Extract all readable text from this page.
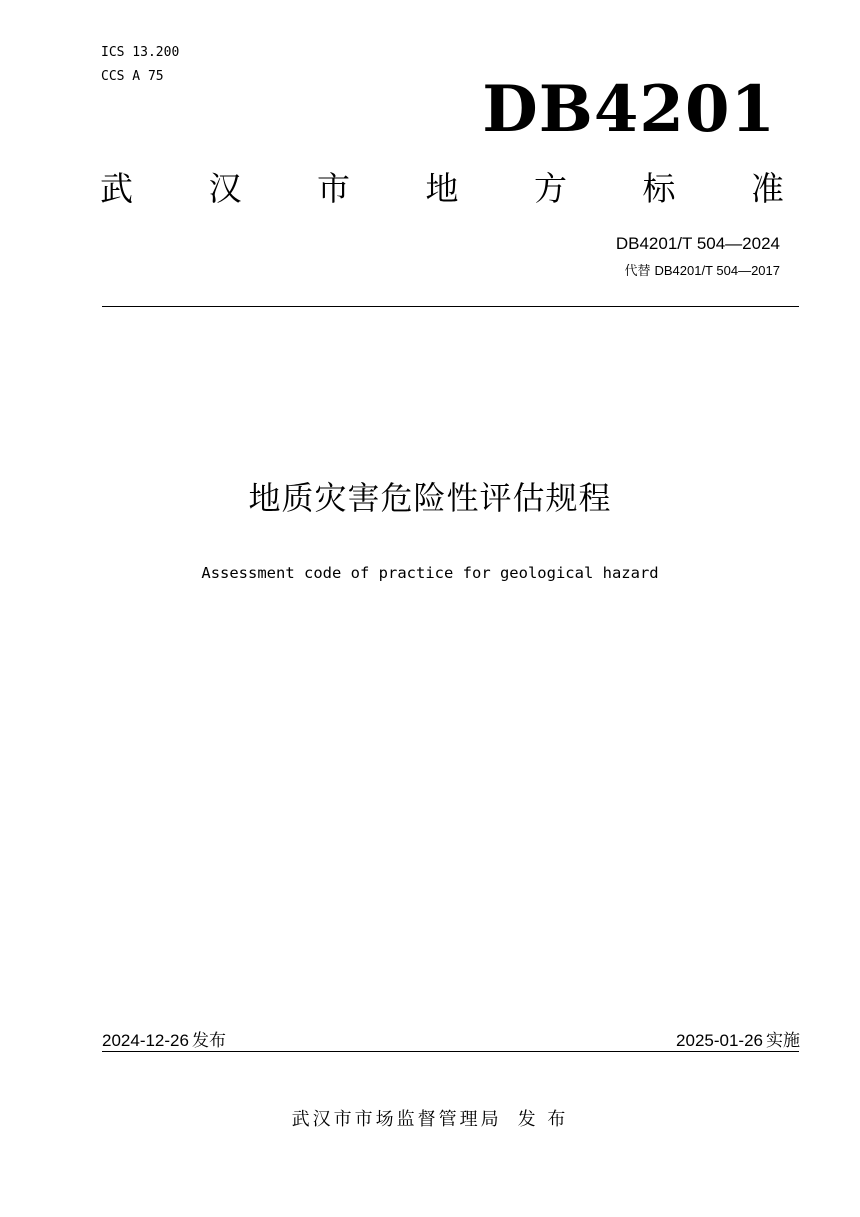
ICS 13.200
CCS A 75	DB4201
武 汉 市 地 方 标 准
DB4201/T 504—2024
代替 DB4201/T 504—2017
地质灾害危险性评估规程
Assessment code of practice for geological hazard
2024-12-26 发布	2025-01-26 实施
武汉市市场监督管理局 发 布
